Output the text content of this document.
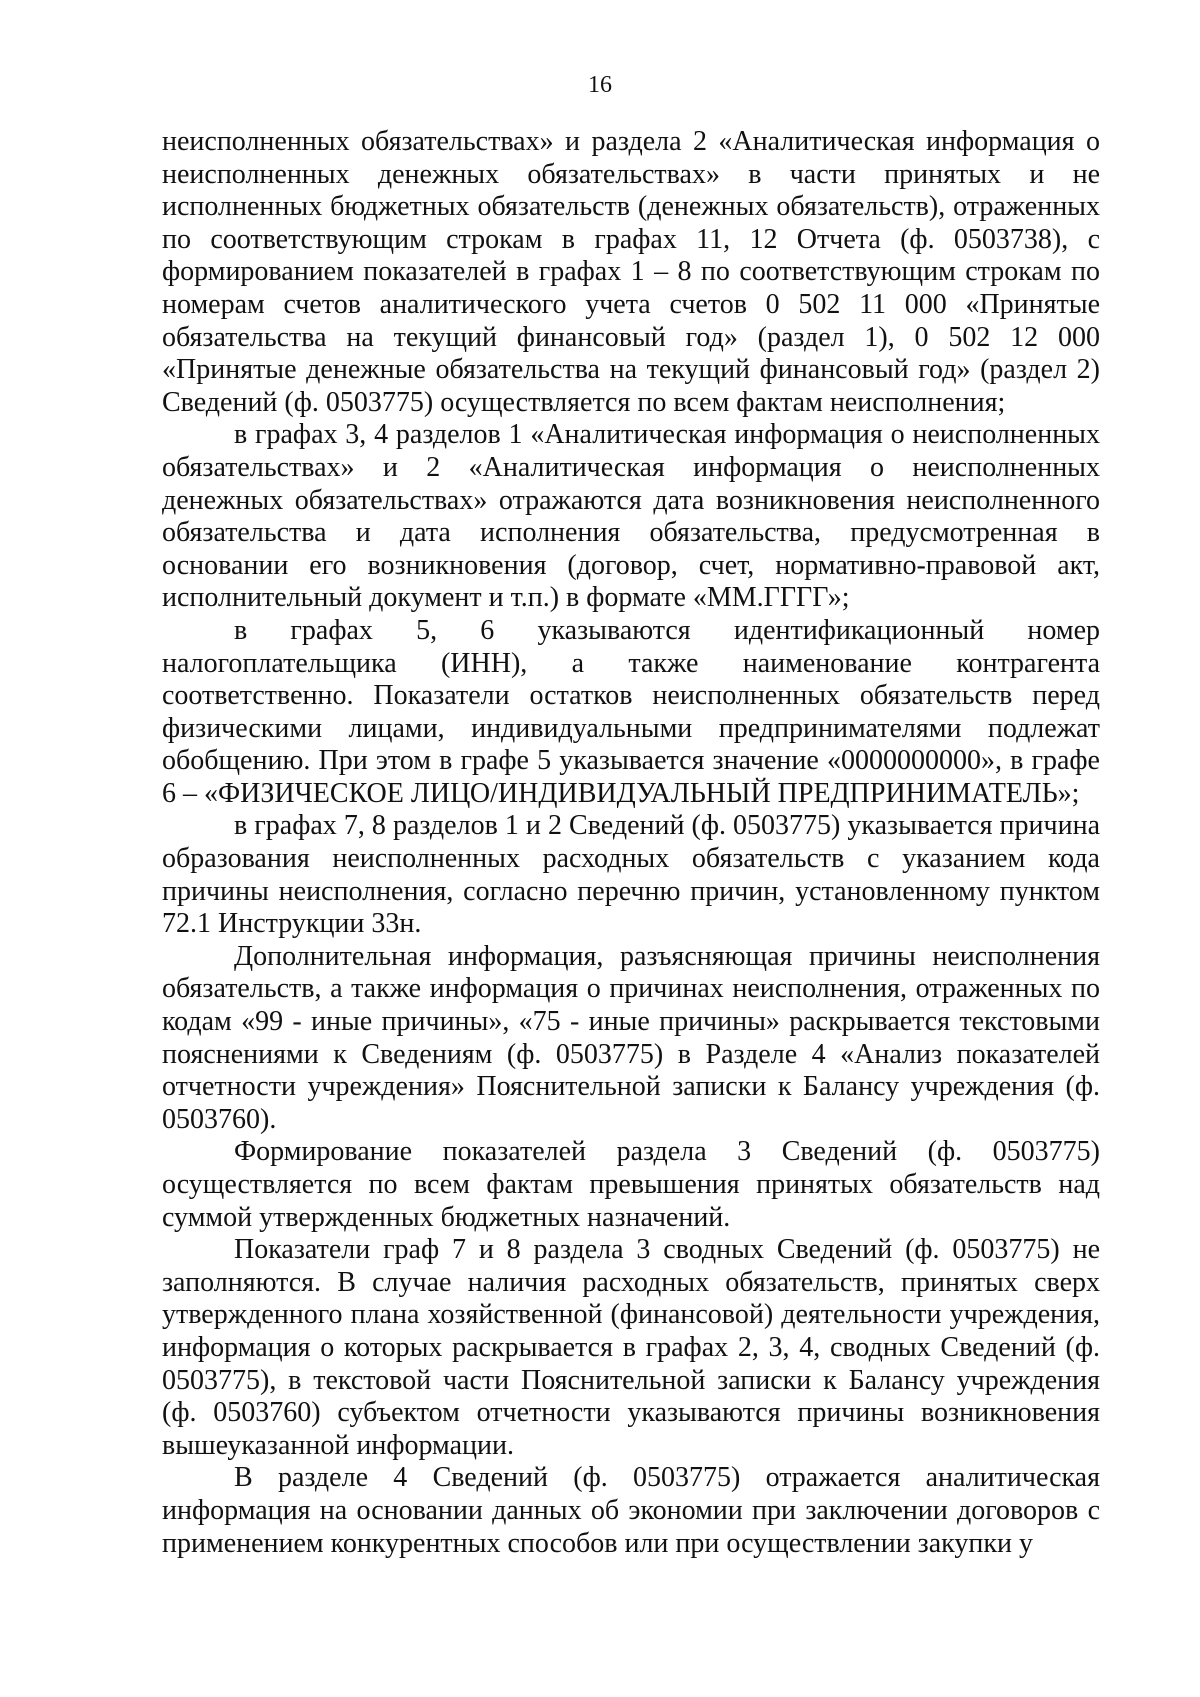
16

неисполненных обязательствах» и раздела 2 «Аналитическая информация о неисполненных денежных обязательствах» в части принятых и не исполненных бюджетных обязательств (денежных обязательств), отраженных по соответствующим строкам в графах 11, 12 Отчета (ф. 0503738), с формированием показателей в графах 1 – 8 по соответствующим строкам по номерам счетов аналитического учета счетов 0 502 11 000 «Принятые обязательства на текущий финансовый год» (раздел 1), 0 502 12 000 «Принятые денежные обязательства на текущий финансовый год» (раздел 2) Сведений (ф. 0503775) осуществляется по всем фактам неисполнения;

в графах 3, 4 разделов 1 «Аналитическая информация о неисполненных обязательствах» и 2 «Аналитическая информация о неисполненных денежных обязательствах» отражаются дата возникновения неисполненного обязательства и дата исполнения обязательства, предусмотренная в основании его возникновения (договор, счет, нормативно-правовой акт, исполнительный документ и т.п.) в формате «ММ.ГГГГ»;

в графах 5, 6 указываются идентификационный номер налогоплательщика (ИНН), а также наименование контрагента соответственно. Показатели остатков неисполненных обязательств перед физическими лицами, индивидуальными предпринимателями подлежат обобщению. При этом в графе 5 указывается значение «0000000000», в графе 6 – «ФИЗИЧЕСКОЕ ЛИЦО/ИНДИВИДУАЛЬНЫЙ ПРЕДПРИНИМАТЕЛЬ»;

в графах 7, 8 разделов 1 и 2 Сведений (ф. 0503775) указывается причина образования неисполненных расходных обязательств с указанием кода причины неисполнения, согласно перечню причин, установленному пунктом 72.1 Инструкции 33н.

Дополнительная информация, разъясняющая причины неисполнения обязательств, а также информация о причинах неисполнения, отраженных по кодам «99 - иные причины», «75 - иные причины» раскрывается текстовыми пояснениями к Сведениям (ф. 0503775) в Разделе 4 «Анализ показателей отчетности учреждения» Пояснительной записки к Балансу учреждения (ф. 0503760).

Формирование показателей раздела 3 Сведений (ф. 0503775) осуществляется по всем фактам превышения принятых обязательств над суммой утвержденных бюджетных назначений.

Показатели граф 7 и 8 раздела 3 сводных Сведений (ф. 0503775) не заполняются. В случае наличия расходных обязательств, принятых сверх утвержденного плана хозяйственной (финансовой) деятельности учреждения, информация о которых раскрывается в графах 2, 3, 4, сводных Сведений (ф. 0503775), в текстовой части Пояснительной записки к Балансу учреждения (ф. 0503760) субъектом отчетности указываются причины возникновения вышеуказанной информации.

В разделе 4 Сведений (ф. 0503775) отражается аналитическая информация на основании данных об экономии при заключении договоров с применением конкурентных способов или при осуществлении закупки у
